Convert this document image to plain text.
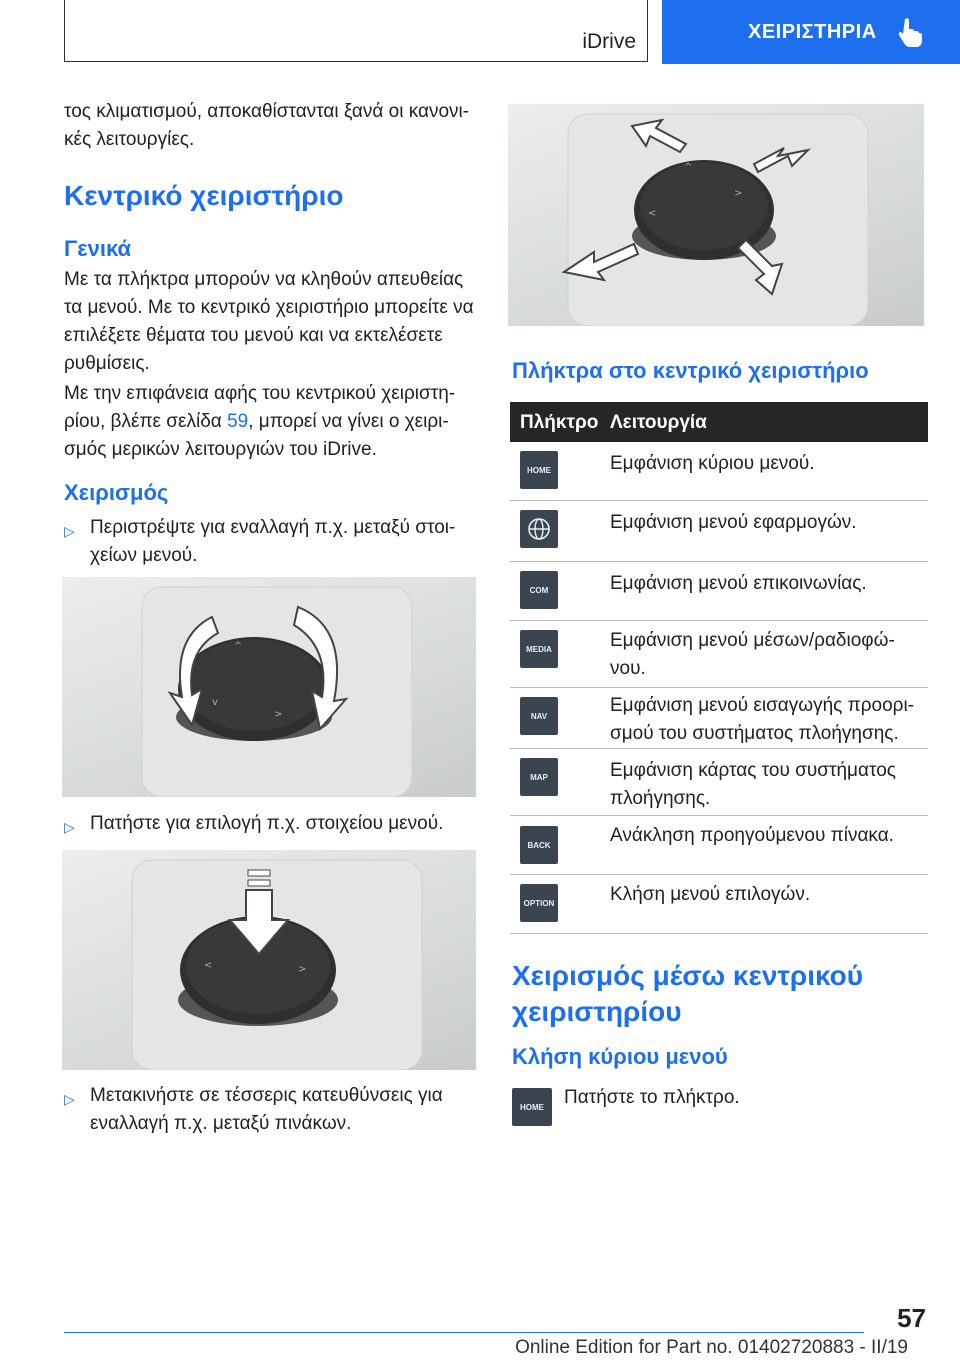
iDrive	ΧΕΙΡΙΣΤΗΡΙΑ
τος κλιματισμού, αποκαθίστανται ξανά οι κανονι-
κές λειτουργίες.
Κεντρικό χειριστήριο
Γενικά
Με τα πλήκτρα μπορούν να κληθούν απευθείας
τα μενού. Με το κεντρικό χειριστήριο μπορείτε να
επιλέξετε θέματα του μενού και να εκτελέσετε
ρυθμίσεις.
Με την επιφάνεια αφής του κεντρικού χειριστη-
ρίου, βλέπε σελίδα 59, μπορεί να γίνει ο χειρι-
σμός μερικών λειτουργιών του iDrive.
Χειρισμός
▷ Περιστρέψτε για εναλλαγή π.χ. μεταξύ στοι-
χείων μενού.
^
>
v
▷ Πατήστε για επιλογή π.χ. στοιχείου μενού.
<	>
▷ Μετακινήστε σε τέσσερις κατευθύνσεις για
εναλλαγή π.χ. μεταξύ πινάκων.
^
<
>
Πλήκτρα στο κεντρικό χειριστήριο
Πλήκτρο Λειτουργία
HOME	Εμφάνιση κύριου μενού.
Εμφάνιση μενού εφαρμογών.
COM	Εμφάνιση μενού επικοινωνίας.
MEDIA	Εμφάνιση μενού μέσων/ραδιοφώ-
νου.
NAV	Εμφάνιση μενού εισαγωγής προορι-
σμού του συστήματος πλοήγησης.
MAP	Εμφάνιση κάρτας του συστήματος
πλοήγησης.
BACK	Ανάκληση προηγούμενου πίνακα.
OPTION	Κλήση μενού επιλογών.
Χειρισμός μέσω κεντρικού
χειριστηρίου
Κλήση κύριου μενού
HOME	Πατήστε το πλήκτρο.
57
Online Edition for Part no. 01402720883 - II/19
